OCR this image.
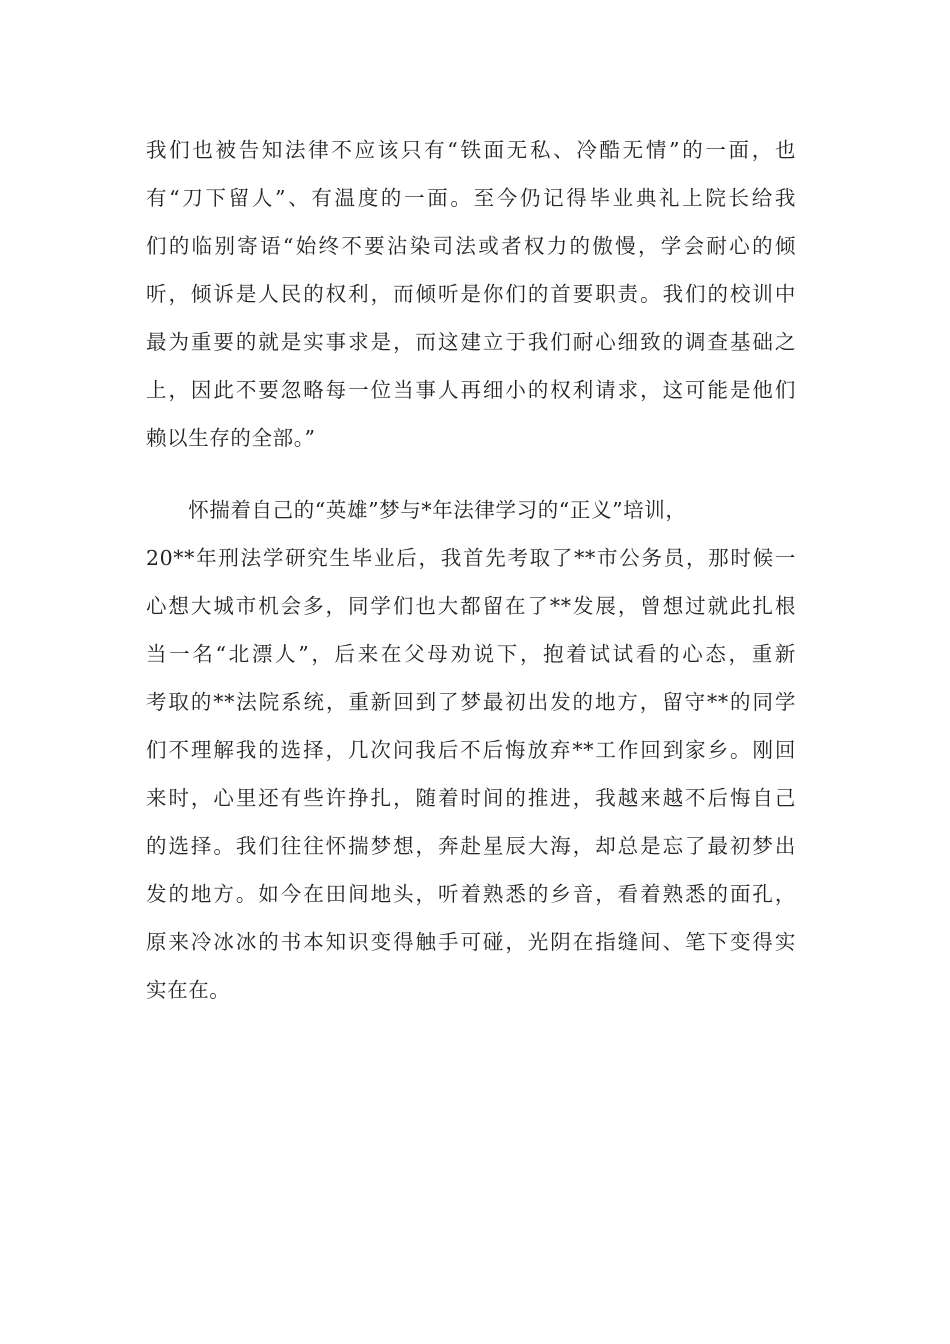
我们也被告知法律不应该只有“铁面无私、冷酷无情”的一面，也
有“刀下留人”、有温度的一面。至今仍记得毕业典礼上院长给我
们的临别寄语“始终不要沾染司法或者权力的傲慢，学会耐心的倾
听，倾诉是人民的权利，而倾听是你们的首要职责。我们的校训中
最为重要的就是实事求是，而这建立于我们耐心细致的调查基础之
上，因此不要忽略每一位当事人再细小的权利请求，这可能是他们
赖以生存的全部。”
　　怀揣着自己的“英雄”梦与*年法律学习的“正义”培训，
20**年刑法学研究生毕业后，我首先考取了**市公务员，那时候一
心想大城市机会多，同学们也大都留在了**发展，曾想过就此扎根
当一名“北漂人”，后来在父母劝说下，抱着试试看的心态，重新
考取的**法院系统，重新回到了梦最初出发的地方，留守**的同学
们不理解我的选择，几次问我后不后悔放弃**工作回到家乡。刚回
来时，心里还有些许挣扎，随着时间的推进，我越来越不后悔自己
的选择。我们往往怀揣梦想，奔赴星辰大海，却总是忘了最初梦出
发的地方。如今在田间地头，听着熟悉的乡音，看着熟悉的面孔，
原来冷冰冰的书本知识变得触手可碰，光阴在指缝间、笔下变得实
实在在。
